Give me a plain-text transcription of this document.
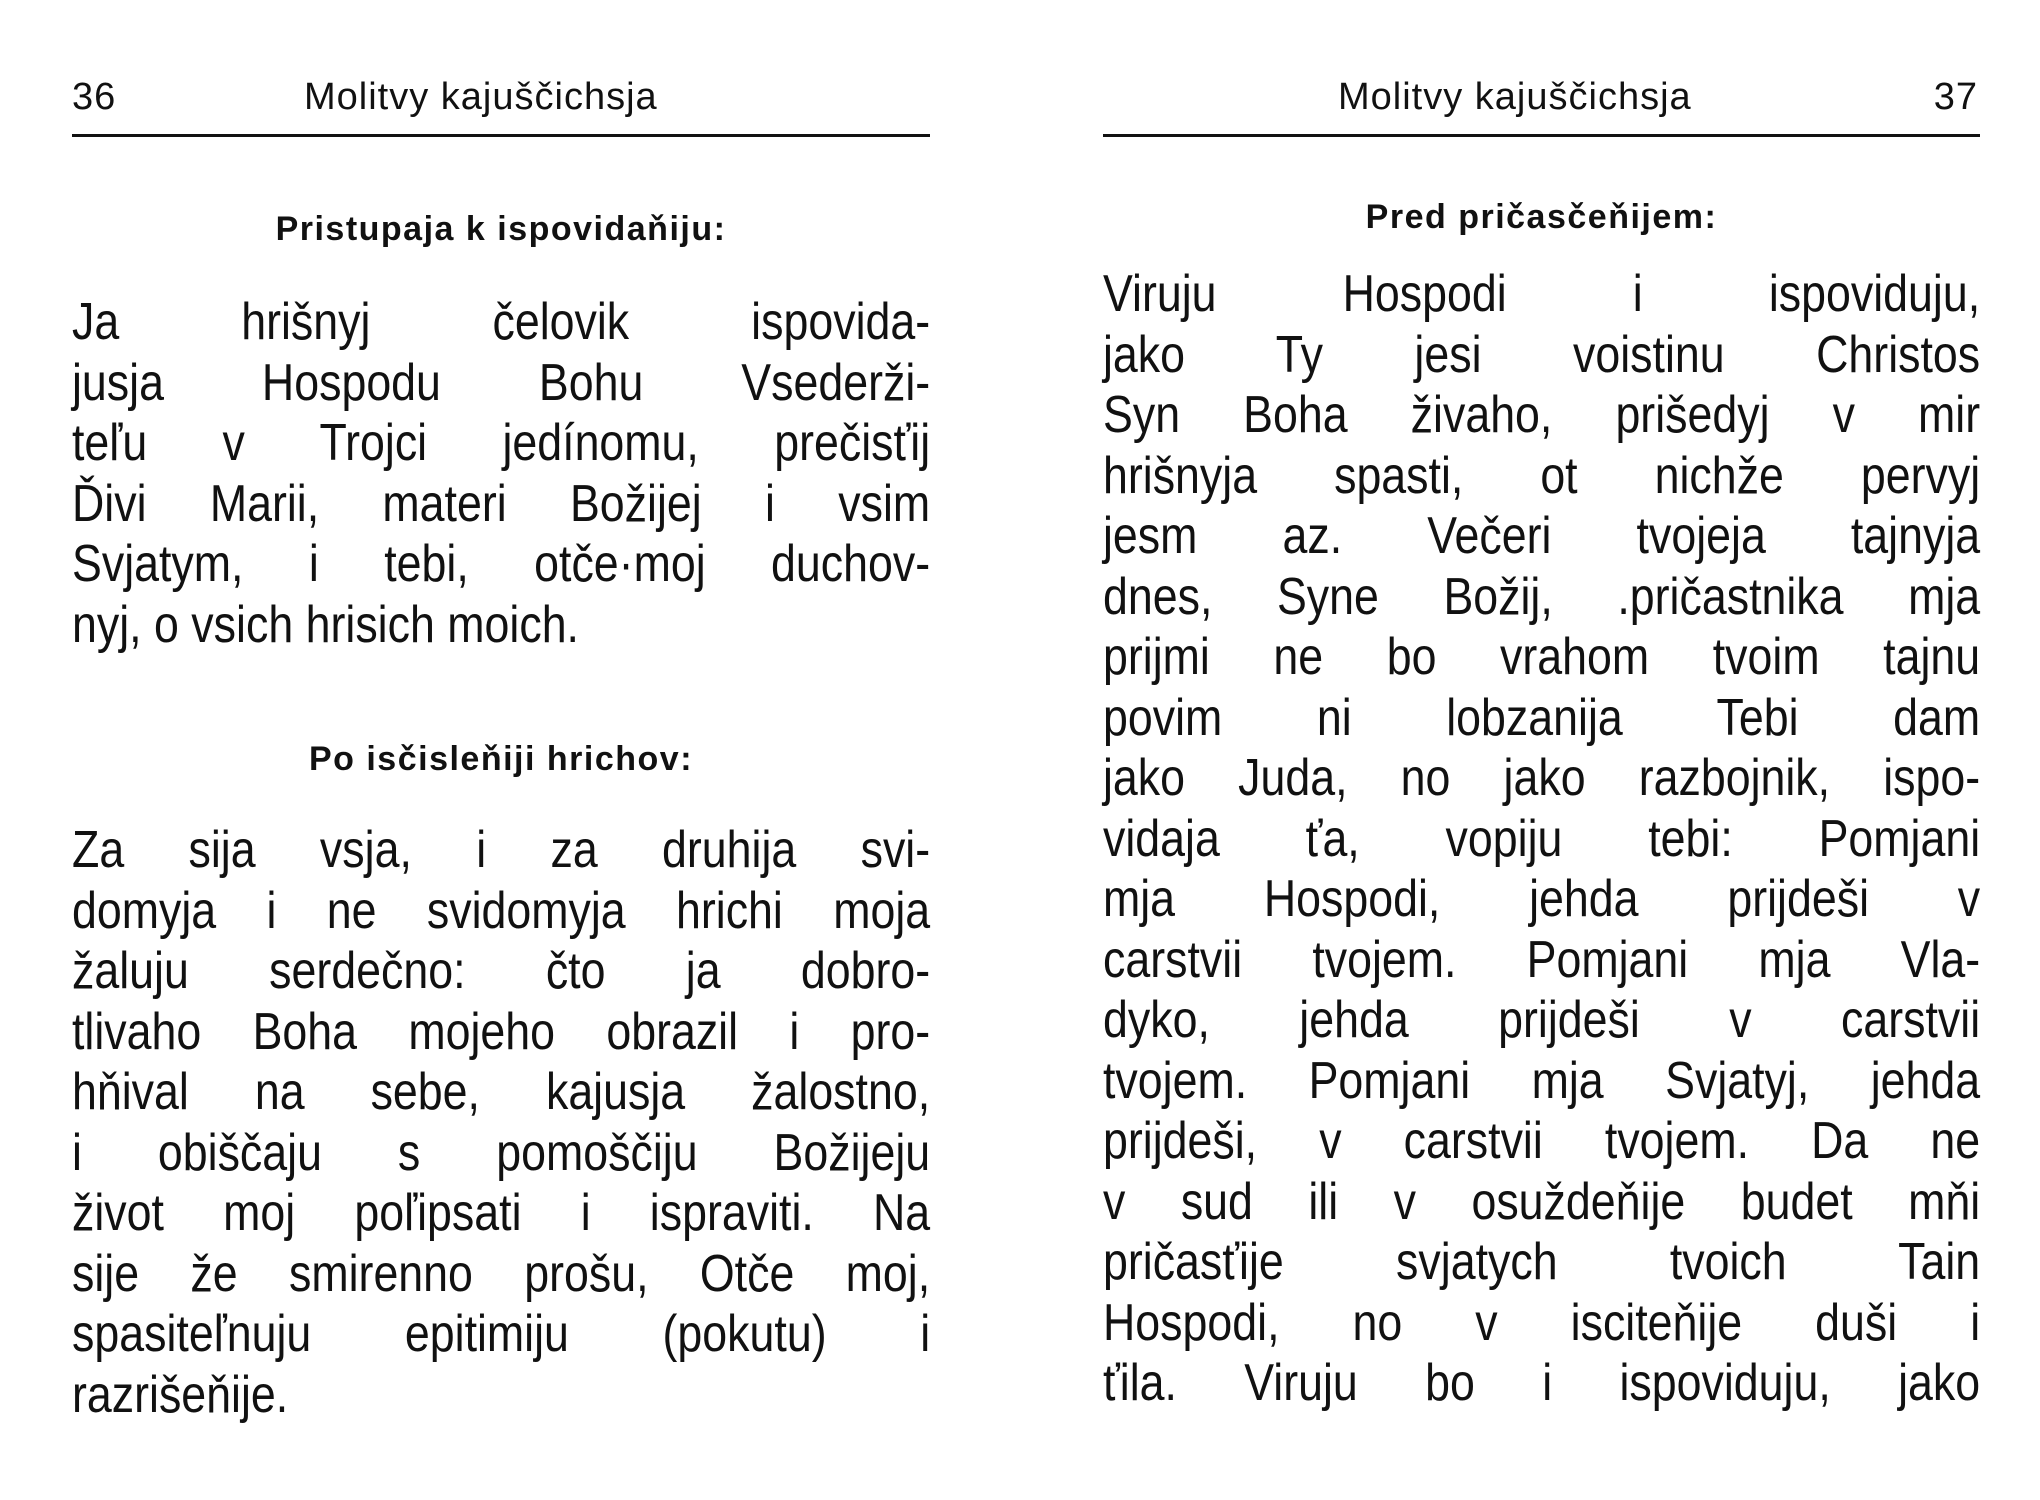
36	Molitvy kajuščichsja
Pristupaja k ispovidaňiju:
Ja hrišnyj čelovik ispovida-
jusja Hospodu Bohu Vsederži-
teľu v Trojci jedínomu, prečisťij
Ďivi Marii, materi Božijej i vsim
Svjatym, i tebi, otče·moj duchov-
nyj, o vsich hrisich moich.
Po isčisleňiji hrichov:
Za sija vsja, i za druhija svi-
domyja i ne svidomyja hrichi moja
žaluju serdečno: čto ja dobro-
tlivaho Boha mojeho obrazil i pro-
hňival na sebe, kajusja žalostno,
i obiščaju s pomoščiju Božijeju
život moj poľipsati i ispraviti. Na
sije že smirenno prošu, Otče moj,
spasiteľnuju epitimiju (pokutu) i
razrišeňije.
Molitvy kajuščichsja	37
Pred pričasčeňijem:
Viruju Hospodi i ispoviduju,
jako Ty jesi voistinu Christos
Syn Boha živaho, prišedyj v mir
hrišnyja spasti, ot nichže pervyj
jesm az. Večeri tvojeja tajnyja
dnes, Syne Božij, .pričastnika mja
prijmi ne bo vrahom tvoim tajnu
povim ni lobzanija Tebi dam
jako Juda, no jako razbojnik, ispo-
vidaja ťa, vopiju tebi: Pomjani
mja Hospodi, jehda prijdeši v
carstvii tvojem. Pomjani mja Vla-
dyko, jehda prijdeši v carstvii
tvojem. Pomjani mja Svjatyj, jehda
prijdeši, v carstvii tvojem. Da ne
v sud ili v osuždeňije budet mňi
pričasťije svjatych tvoich Tain
Hospodi, no v isciteňije duši i
ťila. Viruju bo i ispoviduju, jako
